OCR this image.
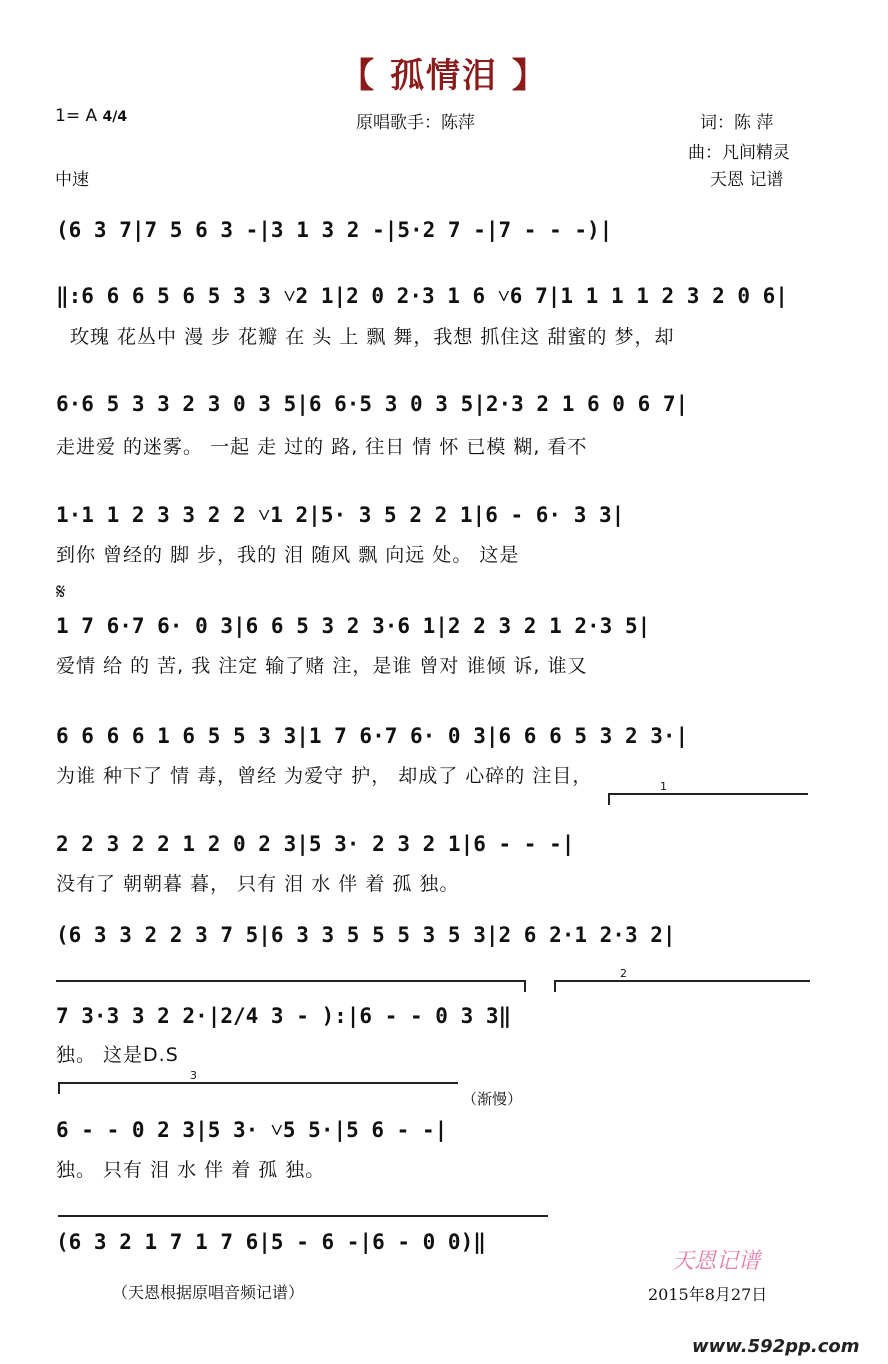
【 孤情泪 】
1= A 4/4	原唱歌手：陈萍	词：陈 萍
曲：凡间精灵
中速	天恩 记谱
(6 3 7|7 5 6 3 -|3 1 3 2 -|5·2 7 -|7 - - -)|
‖:6 6 6 5 6 5 3 3 ˅2 1|2 0 2·3 1 6 ˅6 7|1 1 1 1 2 3 2 0 6|
玫瑰 花丛中 漫 步 花瓣 在 头 上 飘 舞，我想 抓住这 甜蜜的 梦，却
6·6 5 3 3 2 3 0 3 5|6 6·5 3 0 3 5|2·3 2 1 6 0 6 7|
走进爱 的迷雾。 一起 走 过的 路, 往日 情 怀 已模 糊, 看不
1·1 1 2 3 3 2 2 ˅1 2|5· 3 5 2 2 1|6 - 6· 3 3|
到你 曾经的 脚 步，我的 泪 随风 飘 向远 处。 这是
𝄋
1 7 6·7 6· 0 3|6 6 5 3 2 3·6 1|2 2 3 2 1 2·3 5|
爱情 给 的 苦, 我 注定 输了赌 注，是谁 曾对 谁倾 诉, 谁又
6 6 6 6 1 6 5 5 3 3|1 7 6·7 6· 0 3|6 6 6 5 3 2 3·|
为谁 种下了 情 毒，曾经 为爱守 护， 却成了 心碎的 注目，	1
2 2 3 2 2 1 2 0 2 3|5 3· 2 3 2 1|6 - - -|
没有了 朝朝暮 暮， 只有 泪 水 伴 着 孤 独。
(6 3 3 2 2 3 7 5|6 3 3 5 5 5 3 5 3|2 6 2·1 2·3 2|
2
7 3·3 3 2 2·|2/4 3 - ):|6 - - 0 3 3‖
独。 这是D.S
3
（渐慢）
6 - - 0 2 3|5 3· ˅5 5·|5 6 - -|
独。 只有 泪 水 伴 着 孤 独。
(6 3 2 1 7 1 7 6|5 - 6 -|6 - 0 0)‖
天恩记谱
（天恩根据原唱音频记谱）	2015年8月27日
www.592pp.com
